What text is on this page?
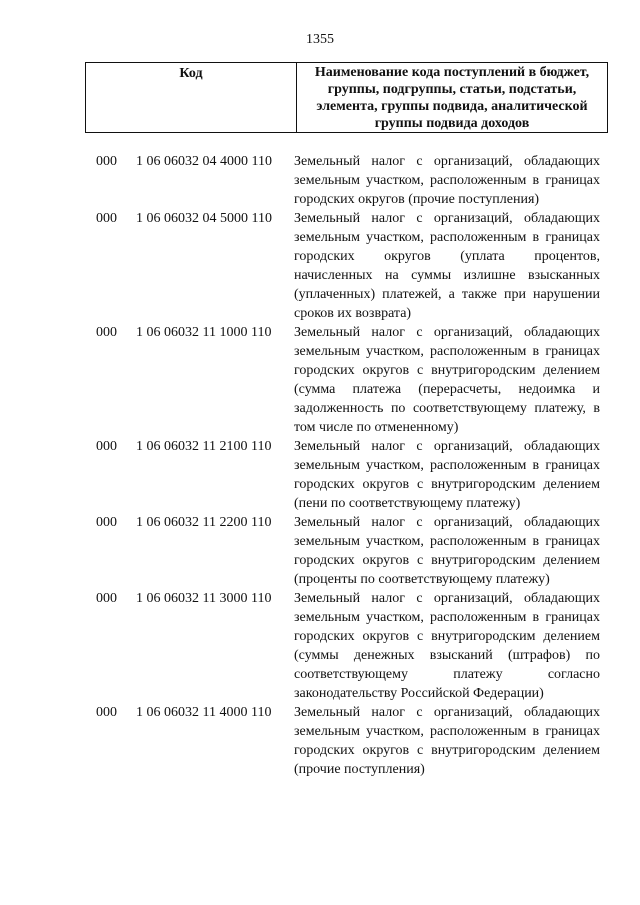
1355
Код	Наименование кода поступлений в бюджет, группы, подгруппы, статьи, подстатьи, элемента, группы подвида, аналитической группы подвида доходов
000	1 06 06032 04 4000 110	Земельный налог с организаций, обладающих земельным участком, расположенным в границах городских округов (прочие поступления)
000	1 06 06032 04 5000 110	Земельный налог с организаций, обладающих земельным участком, расположенным в границах городских округов (уплата процентов, начисленных на суммы излишне взысканных (уплаченных) платежей, а также при нарушении сроков их возврата)
000	1 06 06032 11 1000 110	Земельный налог с организаций, обладающих земельным участком, расположенным в границах городских округов с внутригородским делением (сумма платежа (перерасчеты, недоимка и задолженность по соответствующему платежу, в том числе по отмененному)
000	1 06 06032 11 2100 110	Земельный налог с организаций, обладающих земельным участком, расположенным в границах городских округов с внутригородским делением (пени по соответствующему платежу)
000	1 06 06032 11 2200 110	Земельный налог с организаций, обладающих земельным участком, расположенным в границах городских округов с внутригородским делением (проценты по соответствующему платежу)
000	1 06 06032 11 3000 110	Земельный налог с организаций, обладающих земельным участком, расположенным в границах городских округов с внутригородским делением (суммы денежных взысканий (штрафов) по соответствующему платежу согласно законодательству Российской Федерации)
000	1 06 06032 11 4000 110	Земельный налог с организаций, обладающих земельным участком, расположенным в границах городских округов с внутригородским делением (прочие поступления)
